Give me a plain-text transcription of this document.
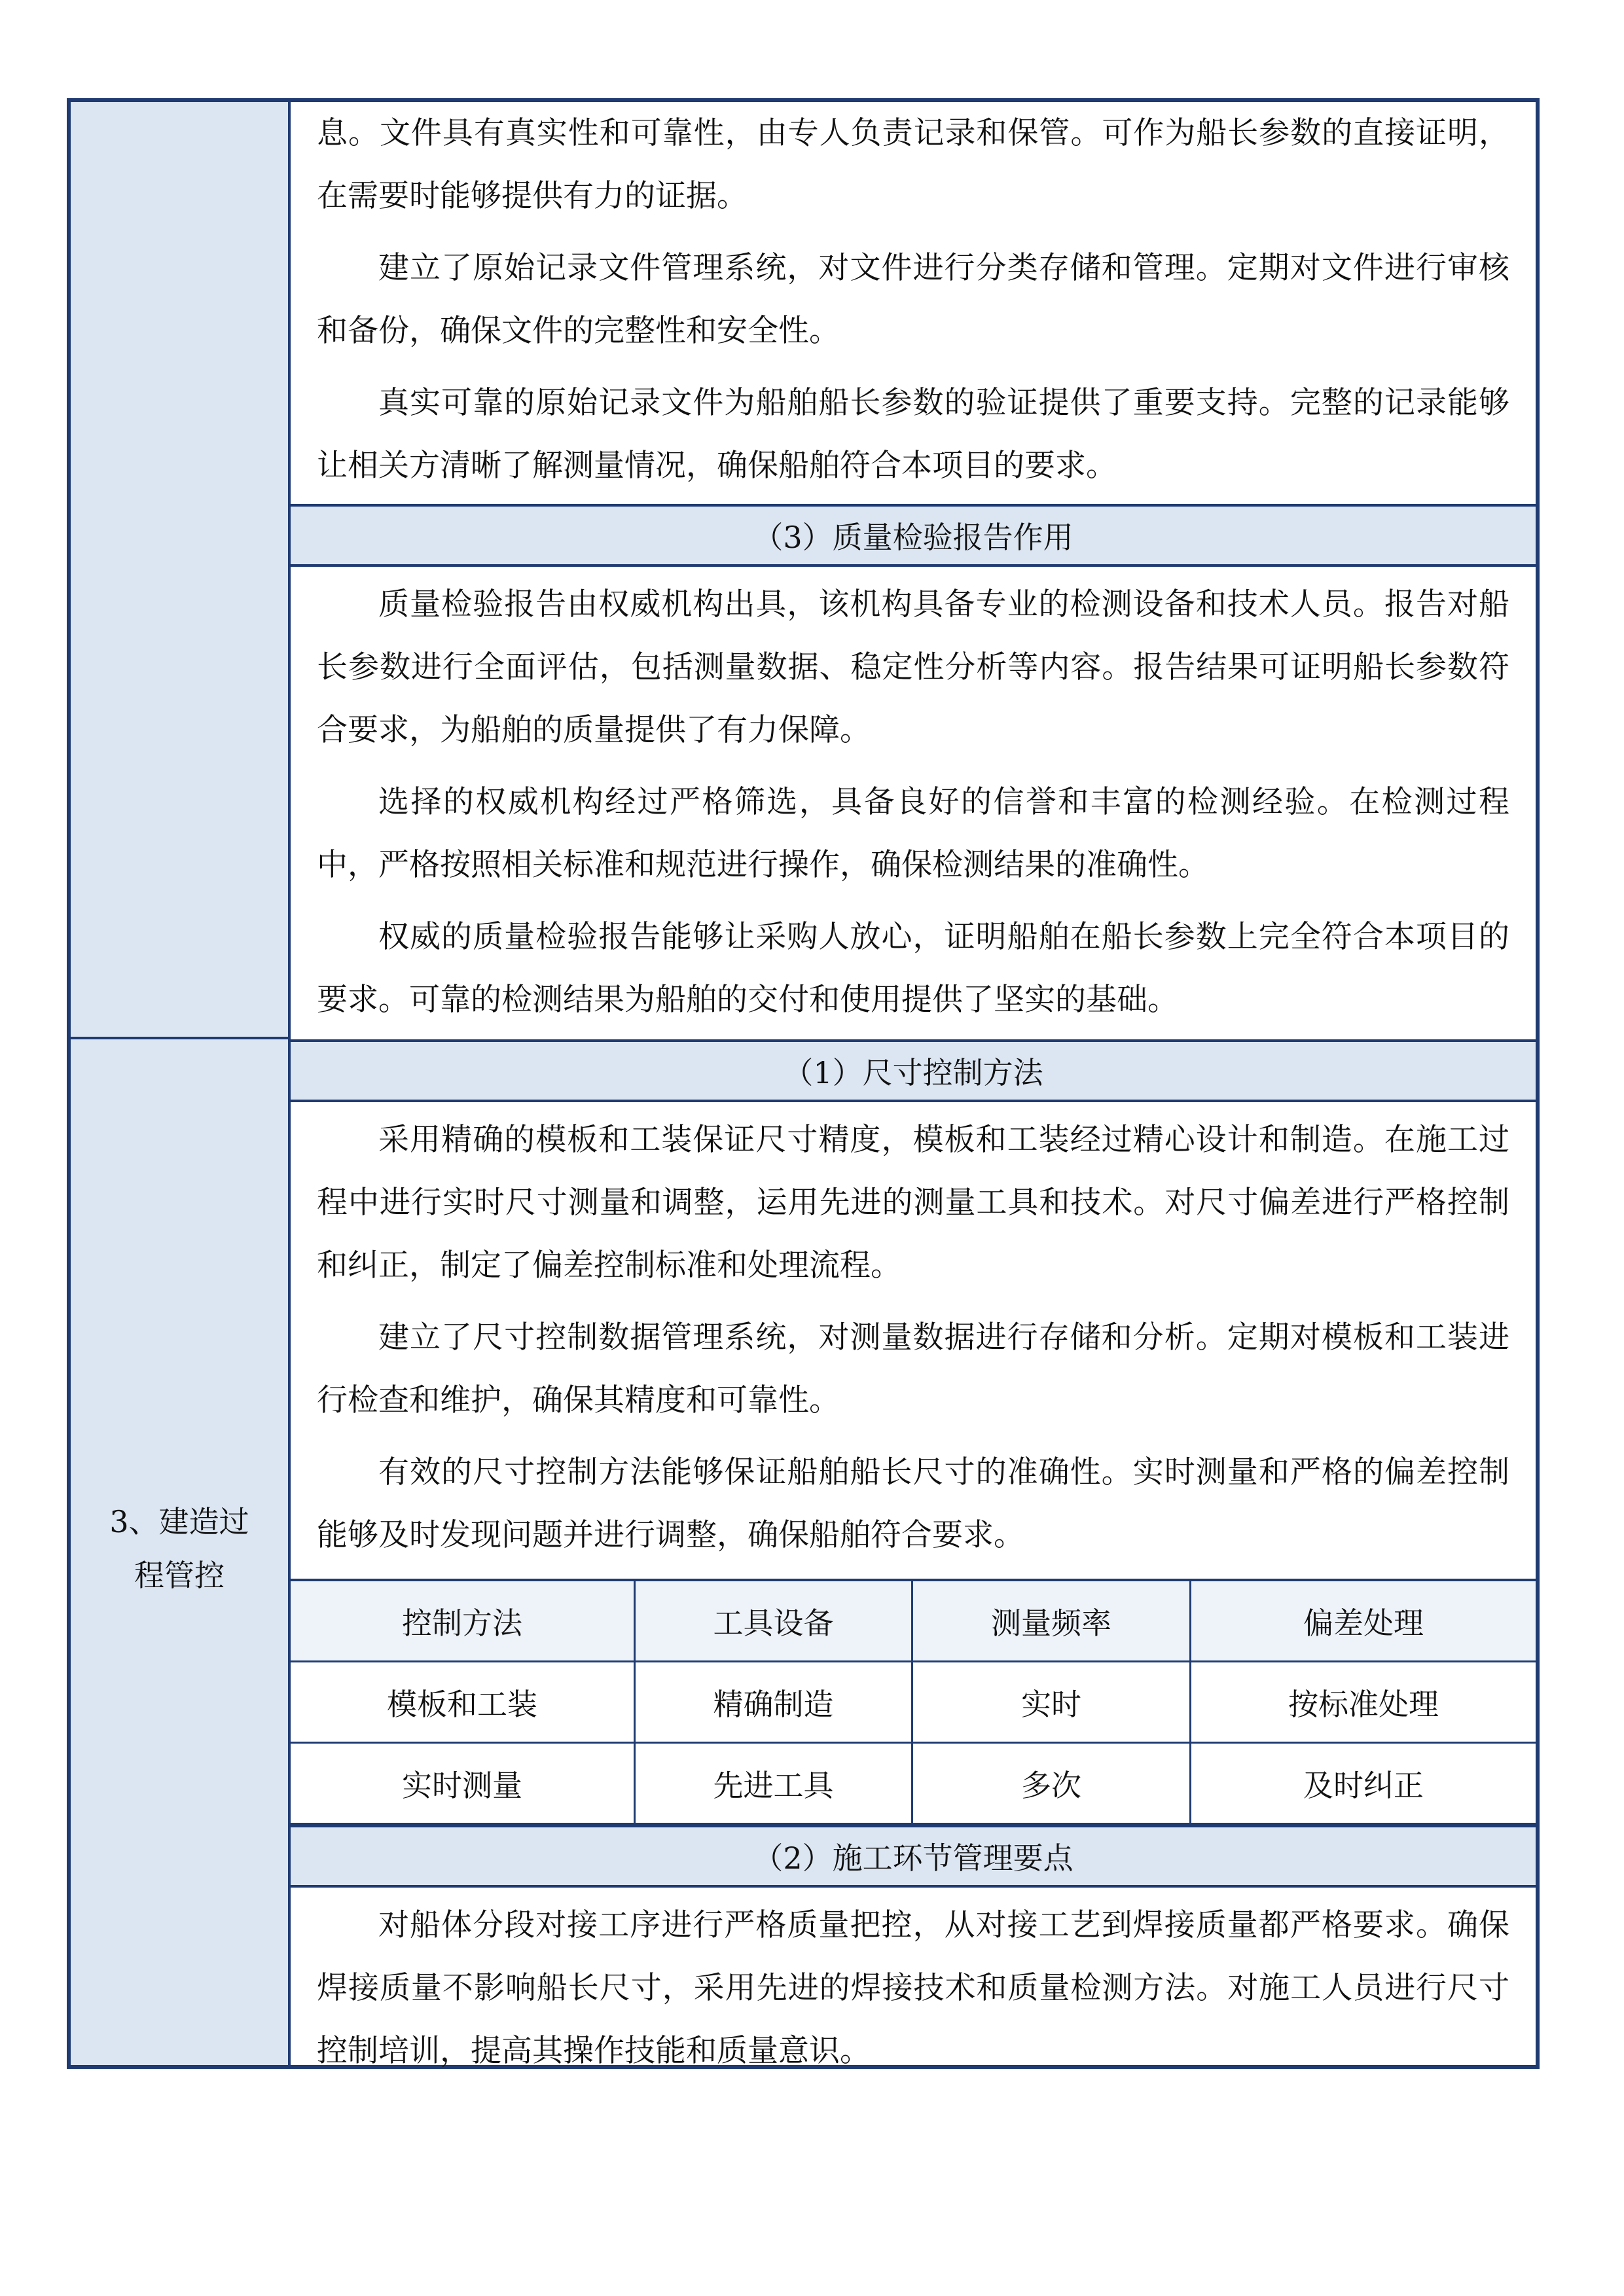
3、建造过
程管控

息。文件具有真实性和可靠性，由专人负责记录和保管。可作为船长参数的直接证明，在需要时能够提供有力的证据。

建立了原始记录文件管理系统，对文件进行分类存储和管理。定期对文件进行审核和备份，确保文件的完整性和安全性。

真实可靠的原始记录文件为船舶船长参数的验证提供了重要支持。完整的记录能够让相关方清晰了解测量情况，确保船舶符合本项目的要求。

（3）质量检验报告作用

质量检验报告由权威机构出具，该机构具备专业的检测设备和技术人员。报告对船长参数进行全面评估，包括测量数据、稳定性分析等内容。报告结果可证明船长参数符合要求，为船舶的质量提供了有力保障。

选择的权威机构经过严格筛选，具备良好的信誉和丰富的检测经验。在检测过程中，严格按照相关标准和规范进行操作，确保检测结果的准确性。

权威的质量检验报告能够让采购人放心，证明船舶在船长参数上完全符合本项目的要求。可靠的检测结果为船舶的交付和使用提供了坚实的基础。

（1）尺寸控制方法

采用精确的模板和工装保证尺寸精度，模板和工装经过精心设计和制造。在施工过程中进行实时尺寸测量和调整，运用先进的测量工具和技术。对尺寸偏差进行严格控制和纠正，制定了偏差控制标准和处理流程。

建立了尺寸控制数据管理系统，对测量数据进行存储和分析。定期对模板和工装进行检查和维护，确保其精度和可靠性。

有效的尺寸控制方法能够保证船舶船长尺寸的准确性。实时测量和严格的偏差控制能够及时发现问题并进行调整，确保船舶符合要求。

控制方法	工具设备	测量频率	偏差处理
模板和工装	精确制造	实时	按标准处理
实时测量	先进工具	多次	及时纠正
（2）施工环节管理要点

对船体分段对接工序进行严格质量把控，从对接工艺到焊接质量都严格要求。确保焊接质量不影响船长尺寸，采用先进的焊接技术和质量检测方法。对施工人员进行尺寸控制培训，提高其操作技能和质量意识。
